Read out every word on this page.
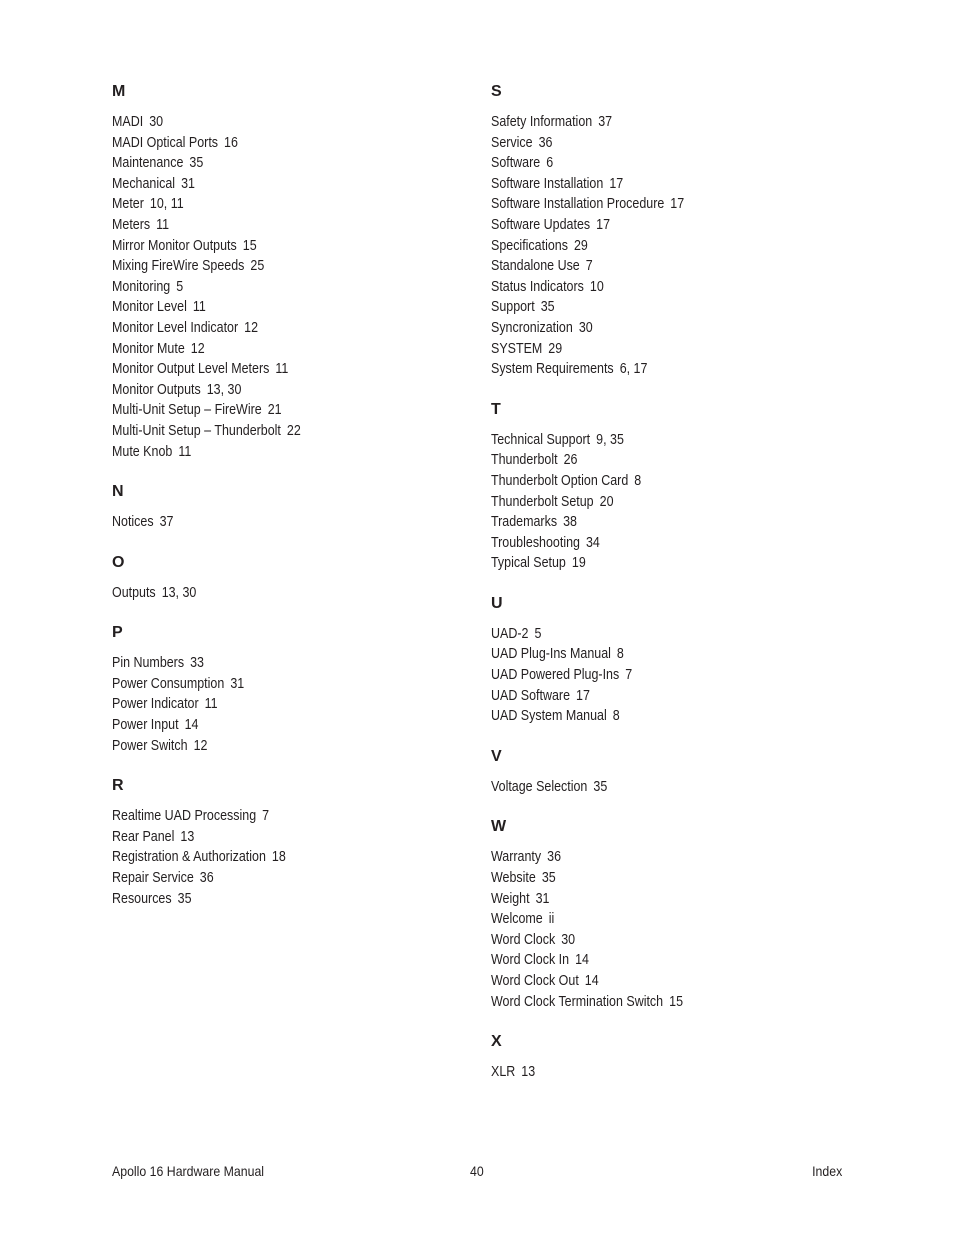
M
MADI 30
MADI Optical Ports 16
Maintenance 35
Mechanical 31
Meter 10, 11
Meters 11
Mirror Monitor Outputs 15
Mixing FireWire Speeds 25
Monitoring 5
Monitor Level 11
Monitor Level Indicator 12
Monitor Mute 12
Monitor Output Level Meters 11
Monitor Outputs 13, 30
Multi-Unit Setup – FireWire 21
Multi-Unit Setup – Thunderbolt 22
Mute Knob 11
N
Notices 37
O
Outputs 13, 30
P
Pin Numbers 33
Power Consumption 31
Power Indicator 11
Power Input 14
Power Switch 12
R
Realtime UAD Processing 7
Rear Panel 13
Registration & Authorization 18
Repair Service 36
Resources 35
S
Safety Information 37
Service 36
Software 6
Software Installation 17
Software Installation Procedure 17
Software Updates 17
Specifications 29
Standalone Use 7
Status Indicators 10
Support 35
Syncronization 30
SYSTEM 29
System Requirements 6, 17
T
Technical Support 9, 35
Thunderbolt 26
Thunderbolt Option Card 8
Thunderbolt Setup 20
Trademarks 38
Troubleshooting 34
Typical Setup 19
U
UAD-2 5
UAD Plug-Ins Manual 8
UAD Powered Plug-Ins 7
UAD Software 17
UAD System Manual 8
V
Voltage Selection 35
W
Warranty 36
Website 35
Weight 31
Welcome ii
Word Clock 30
Word Clock In 14
Word Clock Out 14
Word Clock Termination Switch 15
X
XLR 13
Apollo 16 Hardware Manual	40	Index
